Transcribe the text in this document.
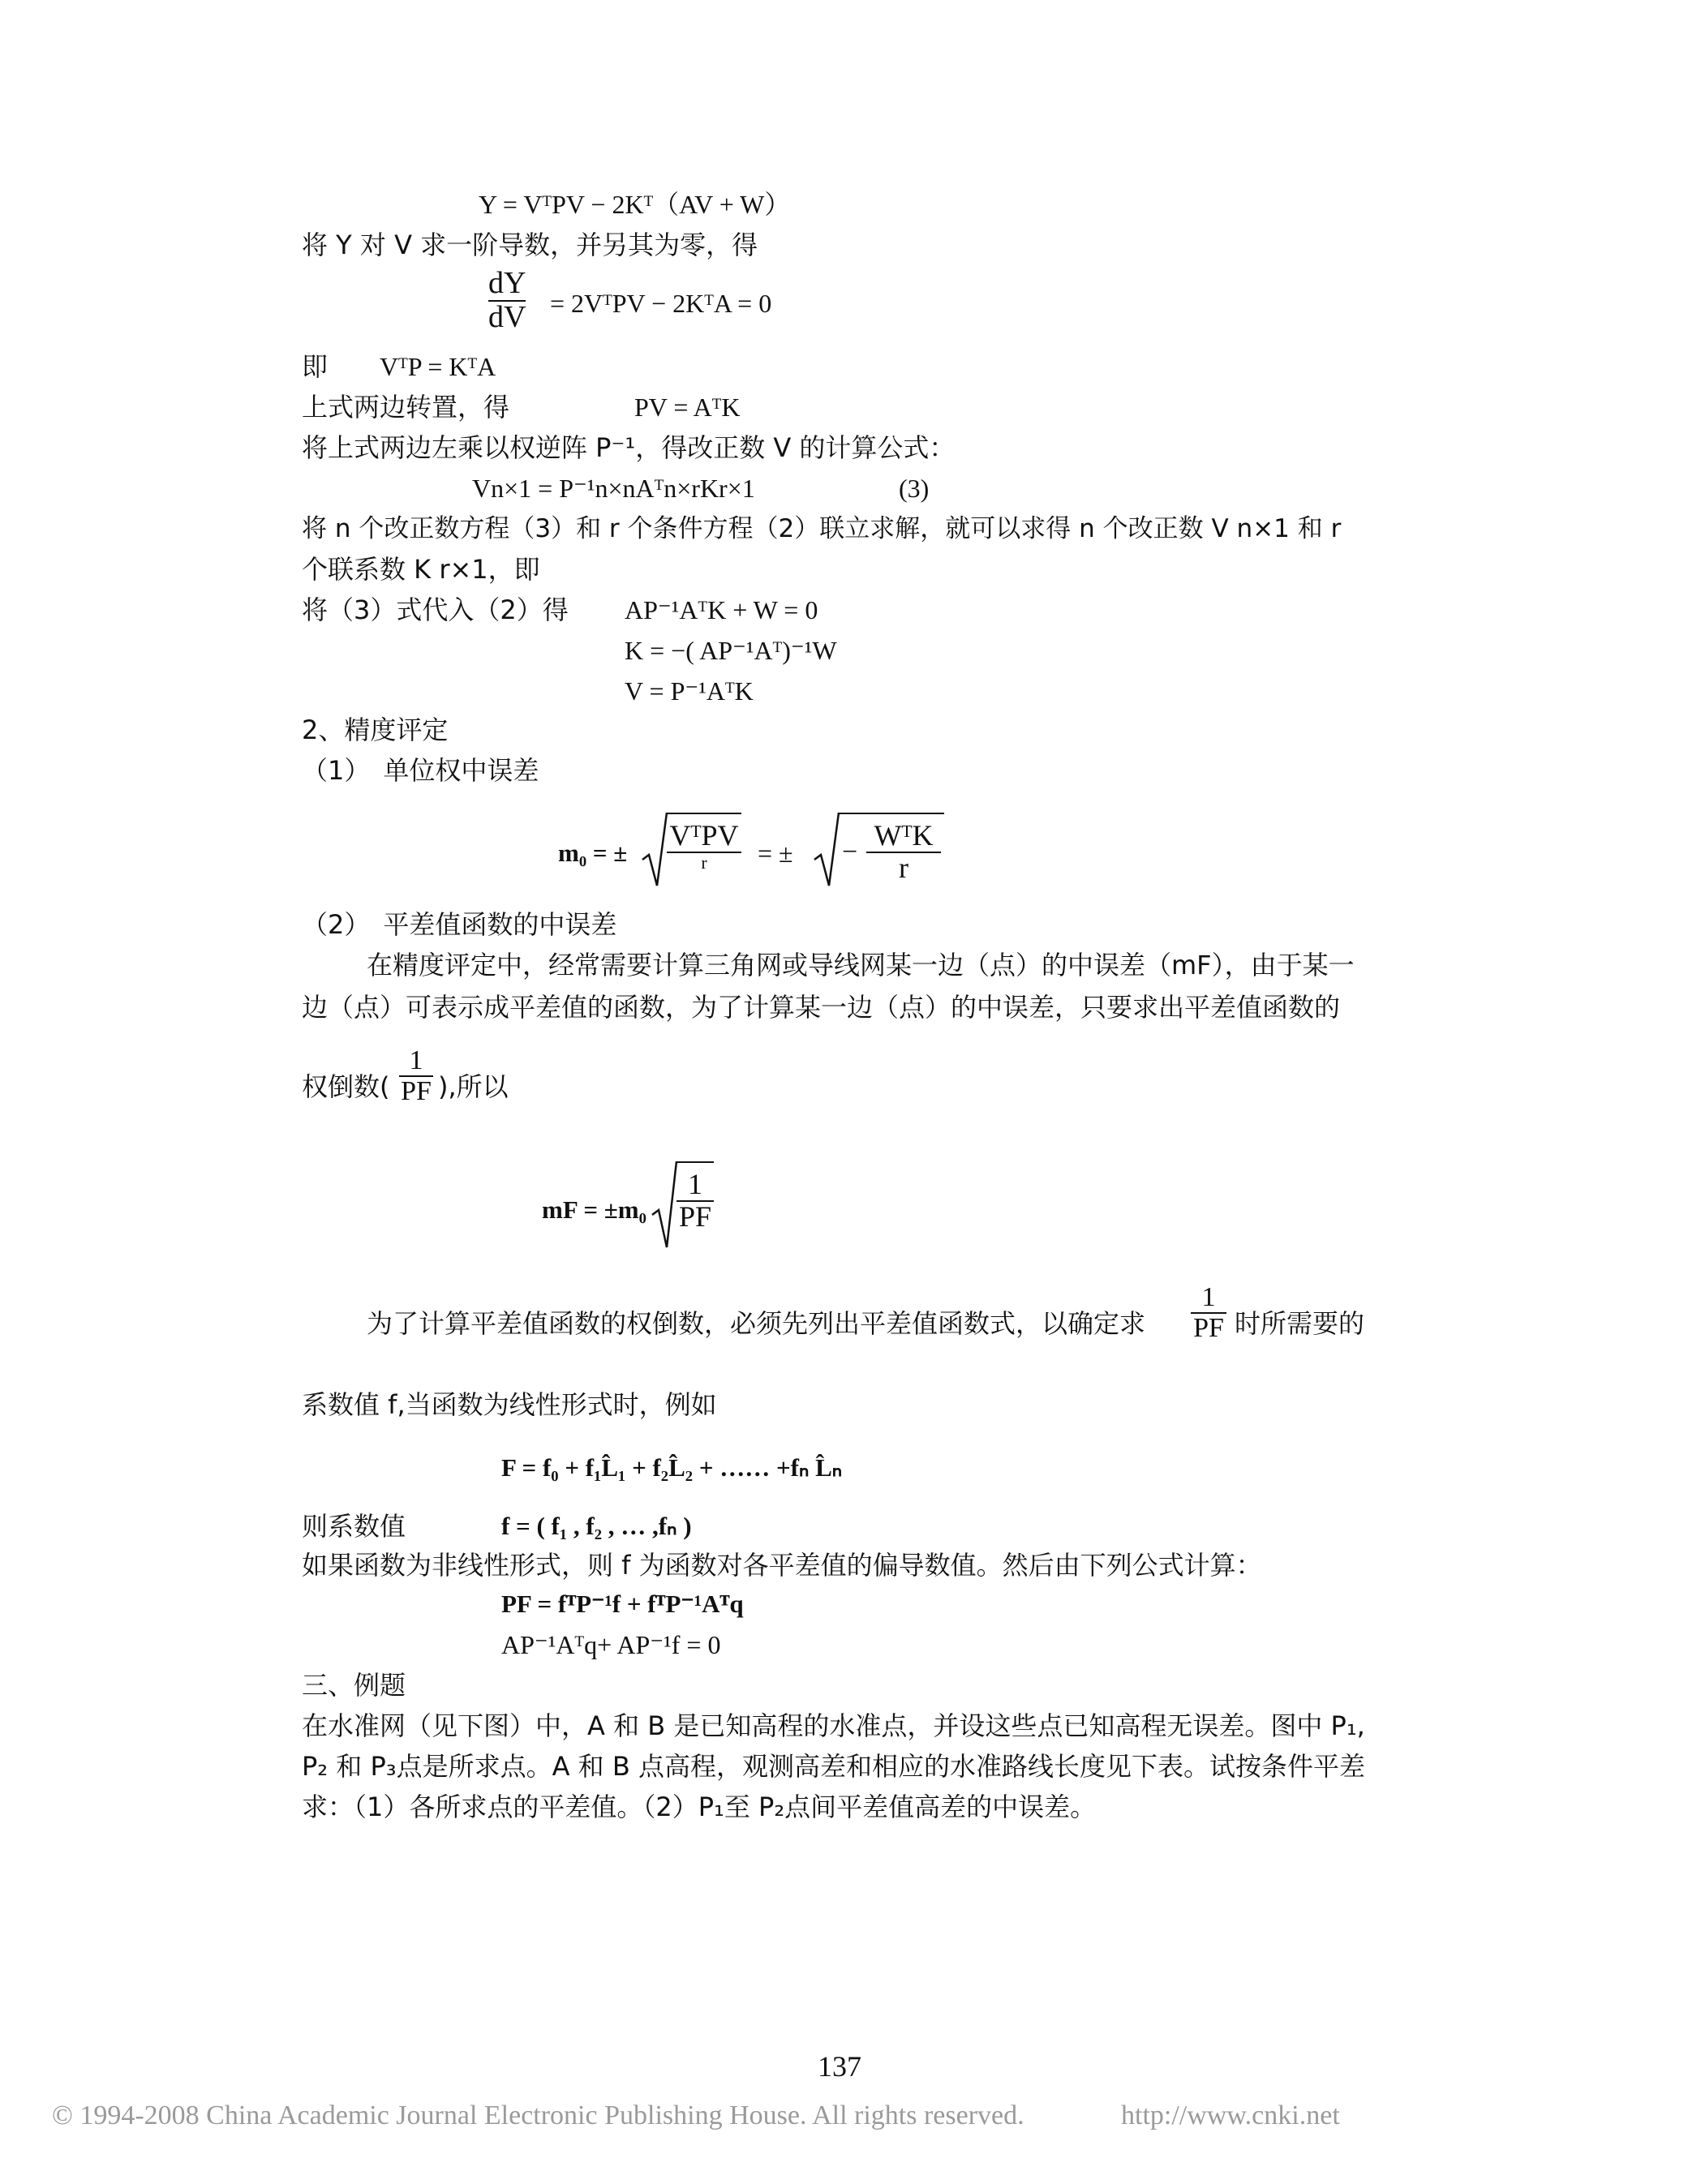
Y = VᵀPV − 2Kᵀ（AV + W）
将 Y 对 V 求一阶导数，并另其为零，得
dY
dV = 2VᵀPV − 2KᵀA = 0
即 VᵀP = KᵀA
上式两边转置，得	PV = AᵀK
将上式两边左乘以权逆阵 P⁻¹，得改正数 V 的计算公式：
Vn×1 = P⁻¹n×nAᵀn×rKr×1	(3)
将 n 个改正数方程（3）和 r 个条件方程（2）联立求解，就可以求得 n 个改正数 V n×1 和 r
个联系数 K r×1，即
将（3）式代入（2）得 AP⁻¹AᵀK + W = 0
K = −( AP⁻¹Aᵀ)⁻¹W
V = P⁻¹AᵀK
2、精度评定
（1）　单位权中误差
m₀ = ±
VᵀPV
r = ± −
WᵀK
r
（2）　平差值函数的中误差
在精度评定中，经常需要计算三角网或导线网某一边（点）的中误差（mF），由于某一
边（点）可表示成平差值的函数，为了计算某一边（点）的中误差，只要求出平差值函数的
权倒数(
1
PF ),所以
mF = ±m₀
1
PF
为了计算平差值函数的权倒数，必须先列出平差值函数式，以确定求
1
PF 时所需要的
系数值 f,当函数为线性形式时，例如
F = f₀ + f₁L̂₁ + f₂L̂₂ + …… +fₙ L̂ₙ
则系数值	f = ( f₁ , f₂ , … ,fₙ )
如果函数为非线性形式，则 f 为函数对各平差值的偏导数值。然后由下列公式计算：
PF = fᵀP⁻¹f + fᵀP⁻¹Aᵀq
AP⁻¹Aᵀq+ AP⁻¹f = 0
三、例题
在水准网（见下图）中，A 和 B 是已知高程的水准点，并设这些点已知高程无误差。图中 P₁,
P₂ 和 P₃点是所求点。A 和 B 点高程，观测高差和相应的水准路线长度见下表。试按条件平差
求：（1）各所求点的平差值。（2）P₁至 P₂点间平差值高差的中误差。
137
© 1994-2008 China Academic Journal Electronic Publishing House. All rights reserved.	http://www.cnki.net
